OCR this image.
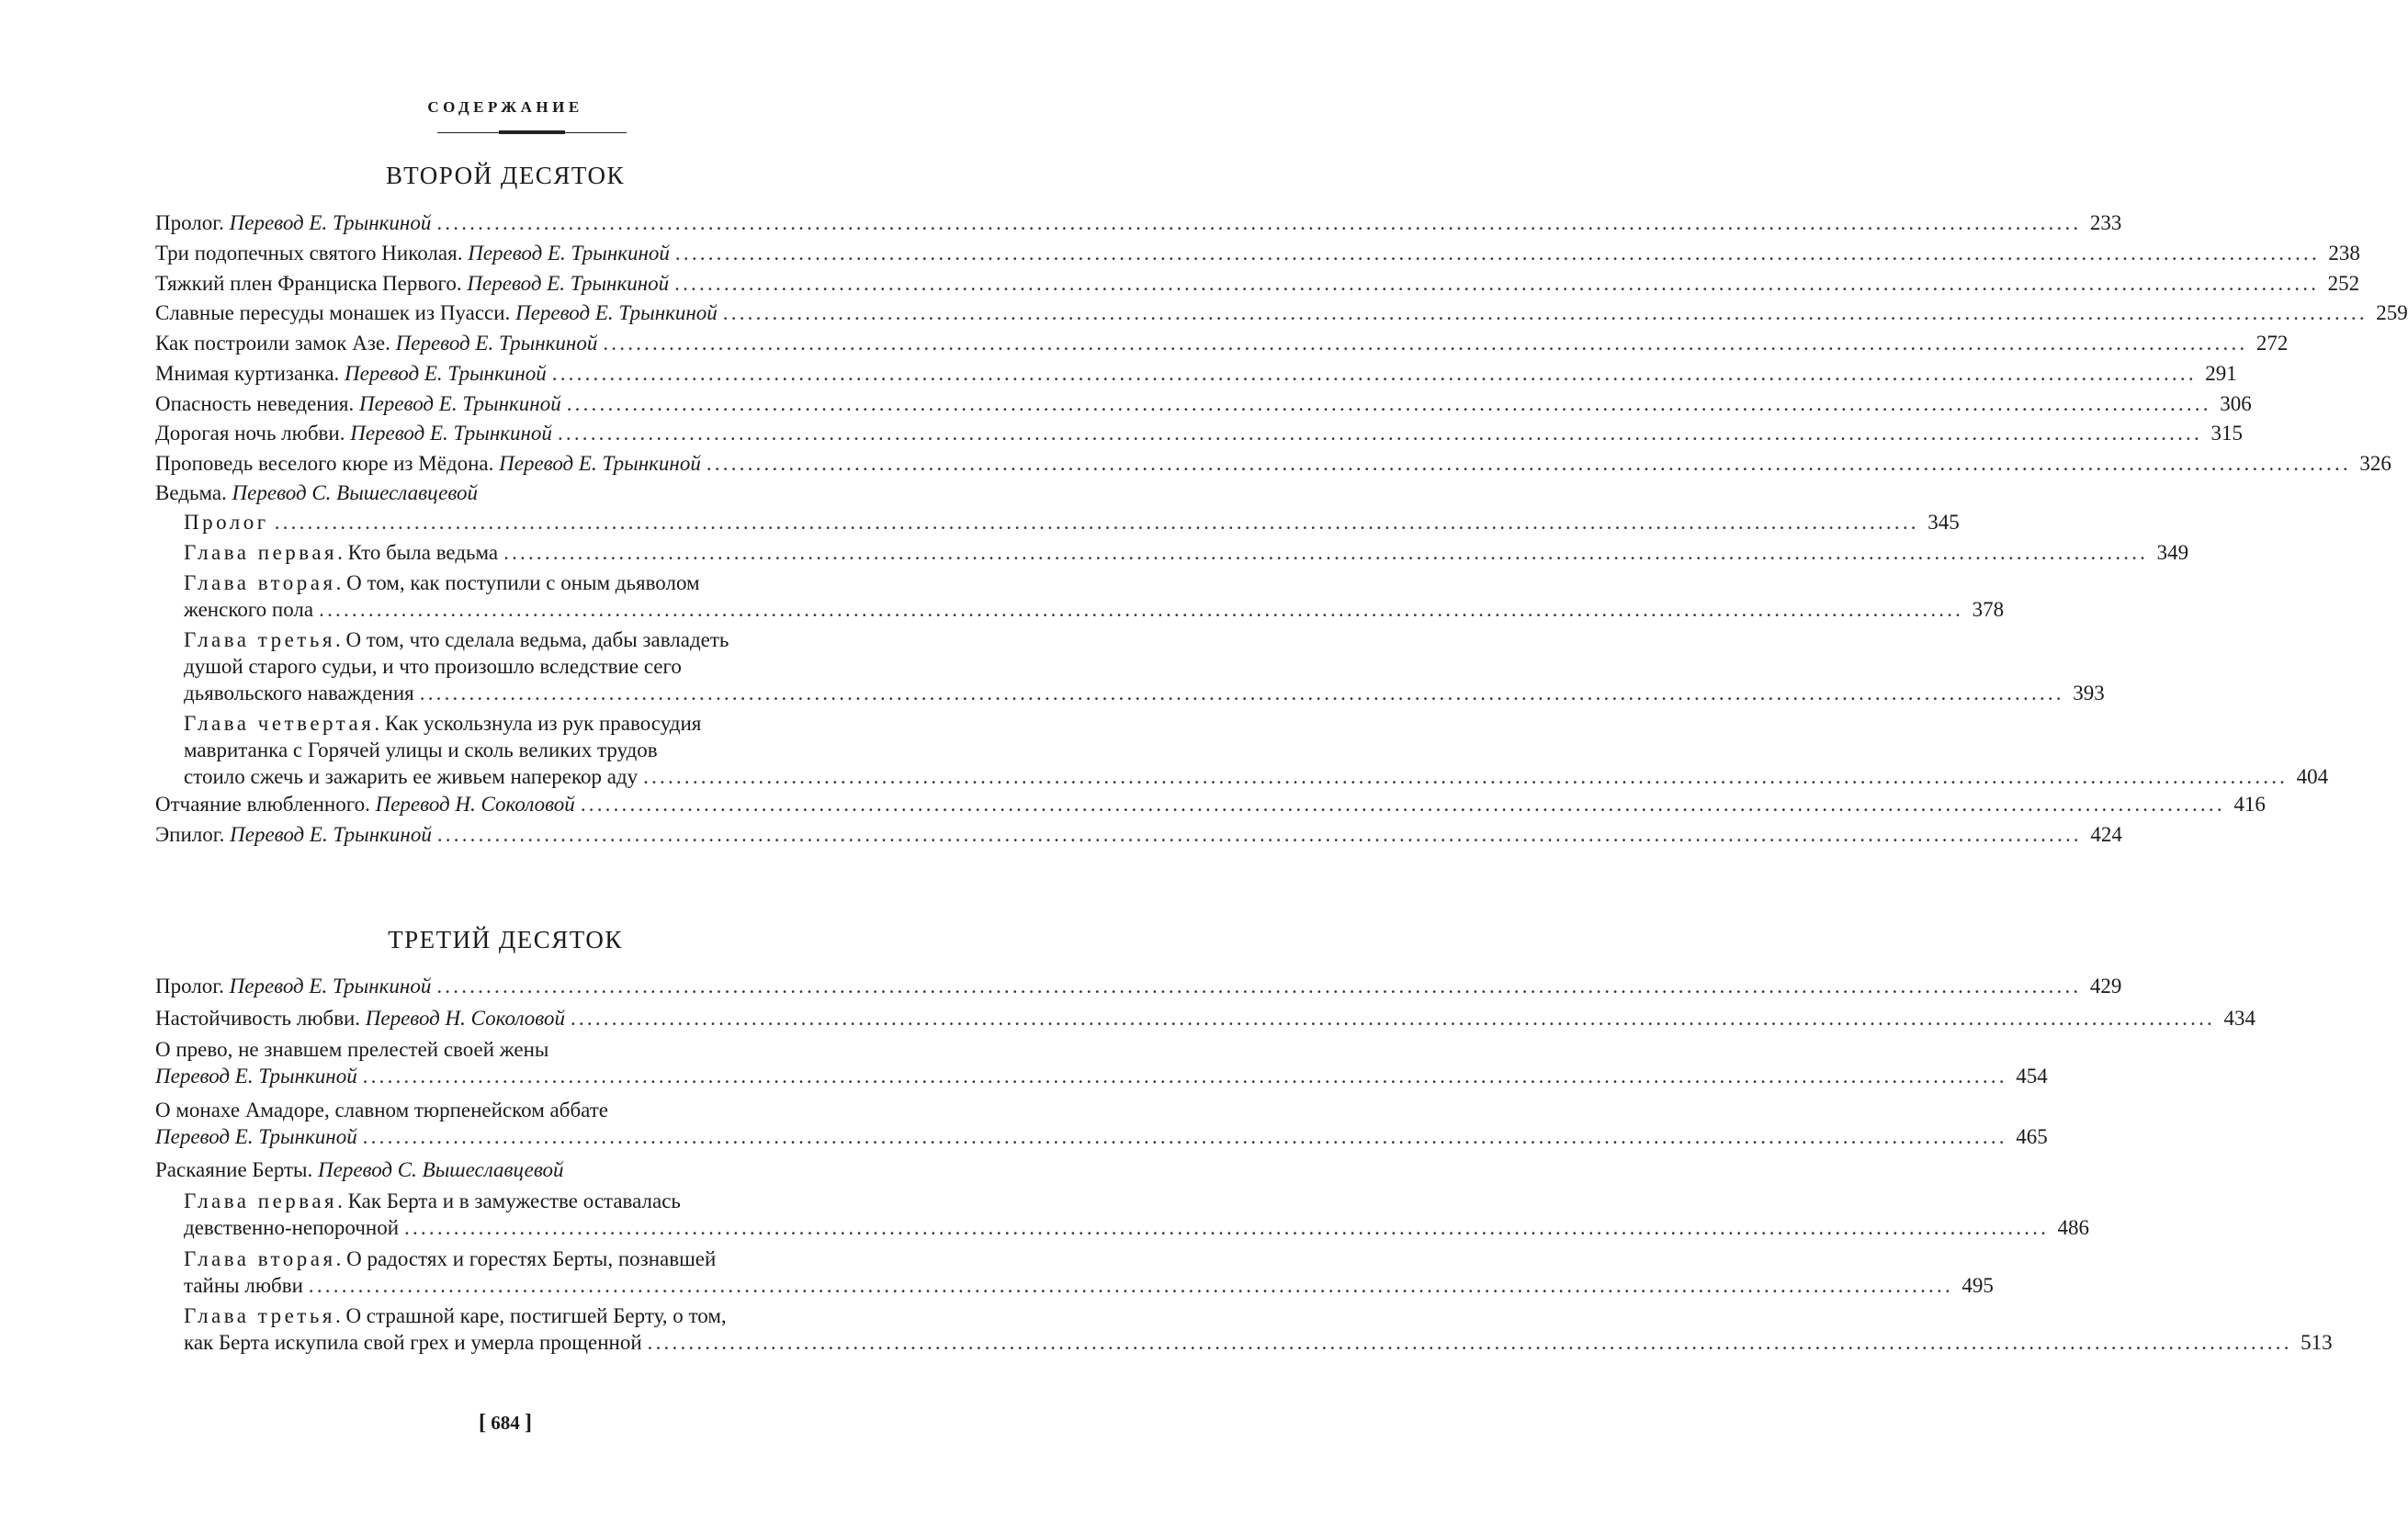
СОДЕРЖАНИЕ
ВТОРОЙ ДЕСЯТОК
Пролог. Перевод Е. Трынкиной ........................................................................................................................................................................................................ 233
Три подопечных святого Николая. Перевод Е. Трынкиной ........................................................................................................................................................................................................ 238
Тяжкий плен Франциска Первого. Перевод Е. Трынкиной ........................................................................................................................................................................................................ 252
Славные пересуды монашек из Пуасси. Перевод Е. Трынкиной ........................................................................................................................................................................................................ 259
Как построили замок Азе. Перевод Е. Трынкиной ........................................................................................................................................................................................................ 272
Мнимая куртизанка. Перевод Е. Трынкиной ........................................................................................................................................................................................................ 291
Опасность неведения. Перевод Е. Трынкиной ........................................................................................................................................................................................................ 306
Дорогая ночь любви. Перевод Е. Трынкиной ........................................................................................................................................................................................................ 315
Проповедь веселого кюре из Мёдона. Перевод Е. Трынкиной ........................................................................................................................................................................................................ 326
Ведьма. Перевод С. Вышеславцевой
Пролог ........................................................................................................................................................................................................ 345
Глава первая. Кто была ведьма ........................................................................................................................................................................................................ 349
Глава вторая. О том, как поступили с оным дьяволом
женского пола ........................................................................................................................................................................................................ 378
Глава третья. О том, что сделала ведьма, дабы завладеть
душой старого судьи, и что произошло вследствие сего
дьявольского наваждения ........................................................................................................................................................................................................ 393
Глава четвертая. Как ускользнула из рук правосудия
мавританка с Горячей улицы и сколь великих трудов
стоило сжечь и зажарить ее живьем наперекор аду ........................................................................................................................................................................................................ 404
Отчаяние влюбленного. Перевод Н. Соколовой ........................................................................................................................................................................................................ 416
Эпилог. Перевод Е. Трынкиной ........................................................................................................................................................................................................ 424
ТРЕТИЙ ДЕСЯТОК
Пролог. Перевод Е. Трынкиной ........................................................................................................................................................................................................ 429
Настойчивость любви. Перевод Н. Соколовой ........................................................................................................................................................................................................ 434
О прево, не знавшем прелестей своей жены
Перевод Е. Трынкиной ........................................................................................................................................................................................................ 454
О монахе Амадоре, славном тюрпенейском аббате
Перевод Е. Трынкиной ........................................................................................................................................................................................................ 465
Раскаяние Берты. Перевод С. Вышеславцевой
Глава первая. Как Берта и в замужестве оставалась
девственно-непорочной ........................................................................................................................................................................................................ 486
Глава вторая. О радостях и горестях Берты, познавшей
тайны любви ........................................................................................................................................................................................................ 495
Глава третья. О страшной каре, постигшей Берту, о том,
как Берта искупила свой грех и умерла прощенной ........................................................................................................................................................................................................ 513
[ 684 ]
